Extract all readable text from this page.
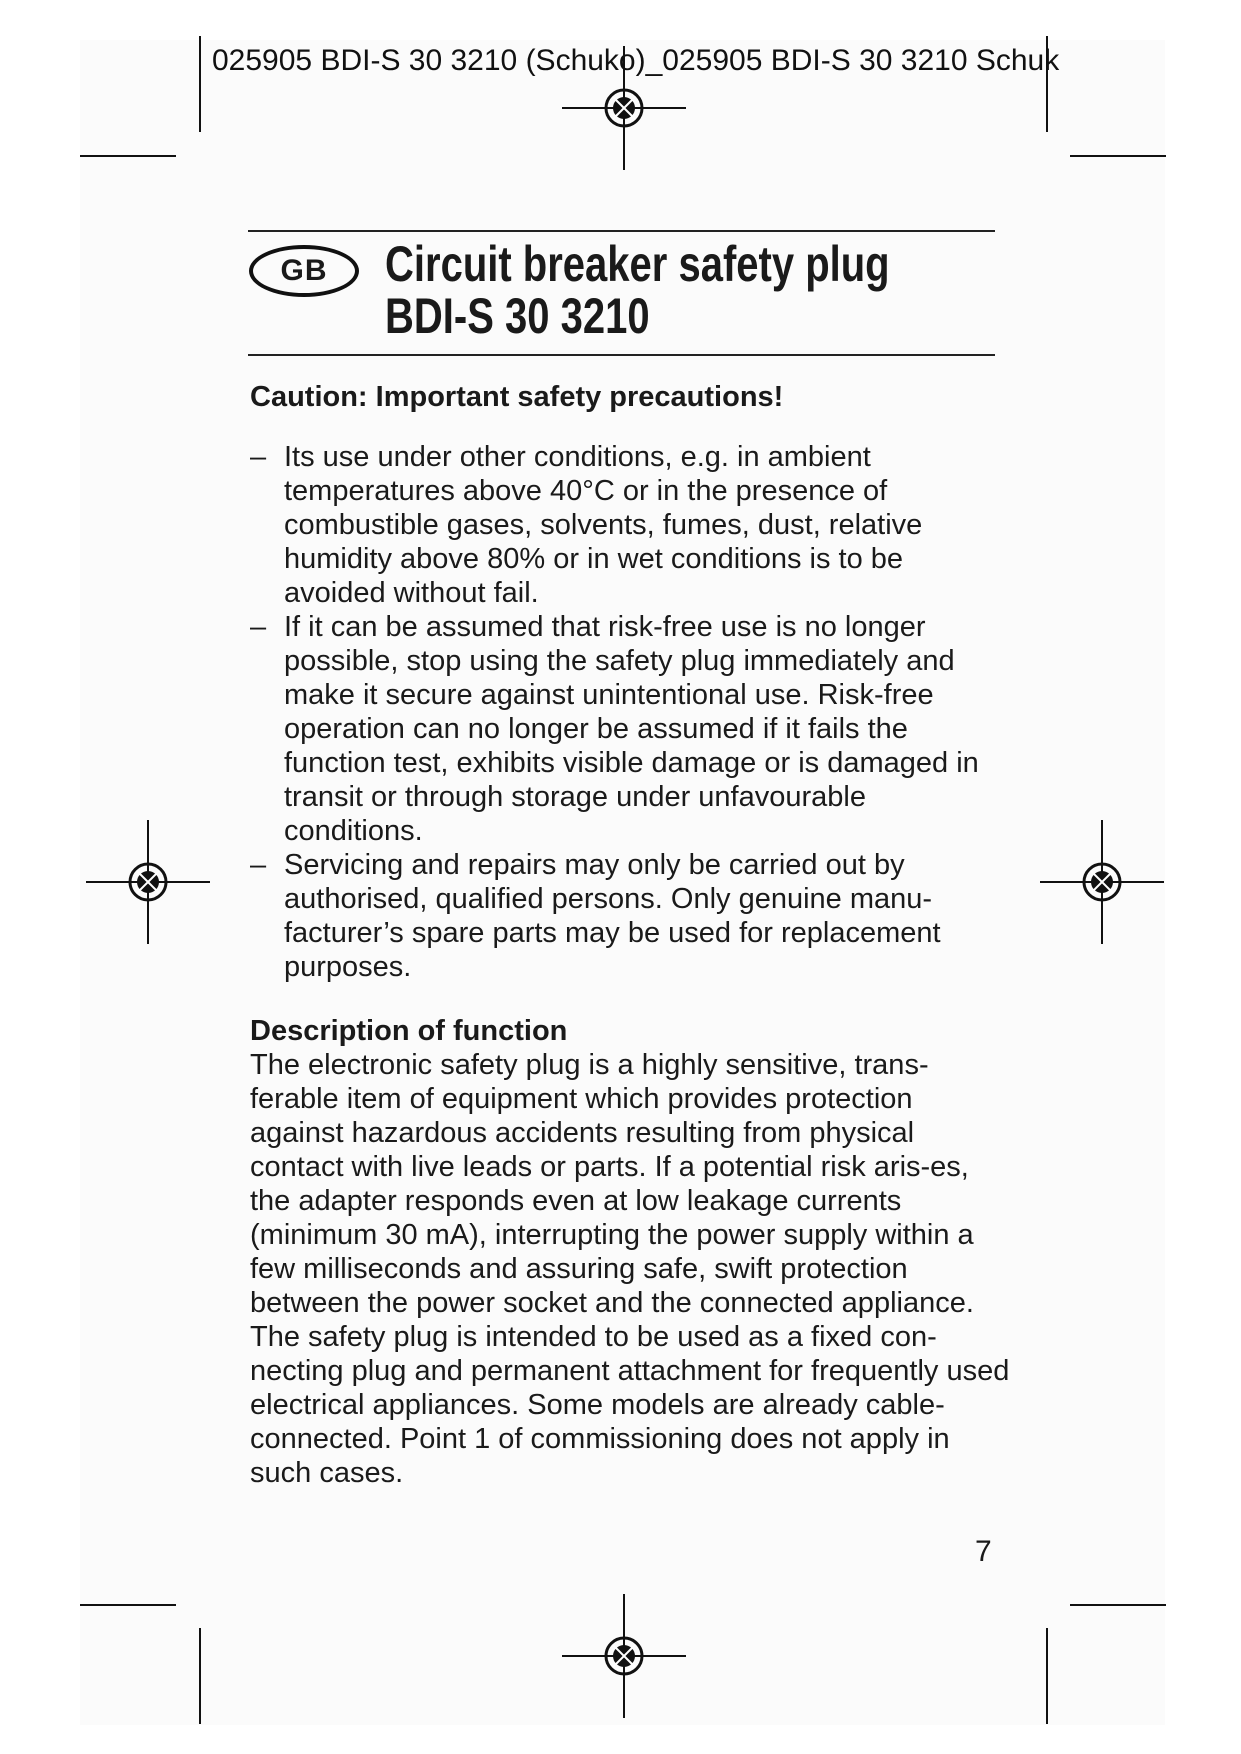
025905 BDI-S 30 3210 (Schuko)_025905 BDI-S 30 3210 Schuk
GB	Circuit breaker safety plug
BDI-S 30 3210
Caution: Important safety precautions!
– Its use under other conditions, e.g. in ambient temperatures above 40°C or in the presence of combustible gases, solvents, fumes, dust, relative humidity above 80% or in wet conditions is to be avoided without fail.
– If it can be assumed that risk-free use is no longer possible, stop using the safety plug immediately and make it secure against unintentional use. Risk-free operation can no longer be assumed if it fails the function test, exhibits visible damage or is damaged in transit or through storage under unfavourable conditions.
– Servicing and repairs may only be carried out by authorised, qualified persons. Only genuine manu-facturer’s spare parts may be used for replacement purposes.
Description of function

The electronic safety plug is a highly sensitive, trans-ferable item of equipment which provides protection against hazardous accidents resulting from physical contact with live leads or parts. If a potential risk aris-es, the adapter responds even at low leakage currents (minimum 30 mA), interrupting the power supply within a few milliseconds and assuring safe, swift protection between the power socket and the connected appliance.

The safety plug is intended to be used as a fixed con-necting plug and permanent attachment for frequently used electrical appliances. Some models are already cable-connected. Point 1 of commissioning does not apply in such cases.

7
